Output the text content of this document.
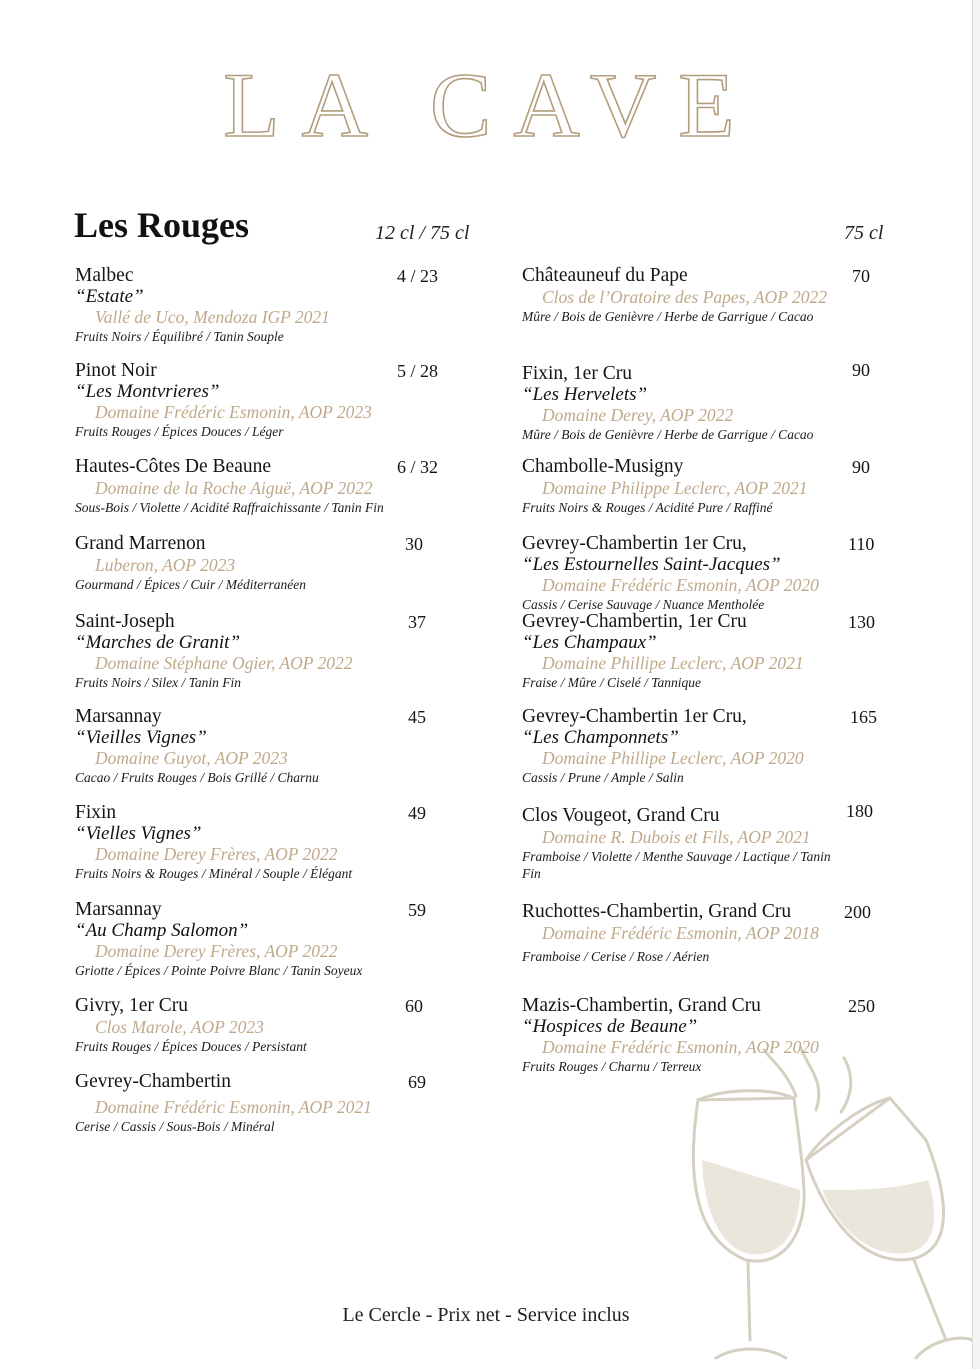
LA CAVE
Les Rouges	12 cl / 75 cl	75 cl
Malbec
“Estate”
Vallé de Uco, Mendoza IGP 2021
Fruits Noirs / Équilibré / Tanin Souple
4 / 23
Pinot Noir
“Les Montvrieres”
Domaine Frédéric Esmonin, AOP 2023
Fruits Rouges / Épices Douces / Léger
5 / 28
Hautes-Côtes De Beaune
Domaine de la Roche Aiguë, AOP 2022
Sous-Bois / Violette / Acidité Raffraichissante / Tanin Fin
6 / 32
Grand Marrenon
Luberon, AOP 2023
Gourmand / Épices / Cuir / Méditerranéen
30
Saint-Joseph
“Marches de Granit”
Domaine Stéphane Ogier, AOP 2022
Fruits Noirs / Silex / Tanin Fin
37
Marsannay
“Vieilles Vignes”
Domaine Guyot, AOP 2023
Cacao / Fruits Rouges / Bois Grillé / Charnu
45
Fixin
“Vielles Vignes”
Domaine Derey Frères, AOP 2022
Fruits Noirs & Rouges / Minéral / Souple / Élégant
49
Marsannay
“Au Champ Salomon”
Domaine Derey Frères, AOP 2022
Griotte / Épices / Pointe Poivre Blanc / Tanin Soyeux
59
Givry, 1er Cru
Clos Marole, AOP 2023
Fruits Rouges / Épices Douces / Persistant
60
Gevrey-Chambertin
Domaine Frédéric Esmonin, AOP 2021
Cerise / Cassis / Sous-Bois / Minéral
69
Châteauneuf du Pape
Clos de l’Oratoire des Papes, AOP 2022
Mûre / Bois de Genièvre / Herbe de Garrigue / Cacao
70
Fixin, 1er Cru
“Les Hervelets”
Domaine Derey, AOP 2022
Mûre / Bois de Genièvre / Herbe de Garrigue / Cacao
90
Chambolle-Musigny
Domaine Philippe Leclerc, AOP 2021
Fruits Noirs & Rouges / Acidité Pure / Raffiné
90
Gevrey-Chambertin 1er Cru,
“Les Estournelles Saint-Jacques”
Domaine Frédéric Esmonin, AOP 2020
Cassis / Cerise Sauvage / Nuance Mentholée
110
Gevrey-Chambertin, 1er Cru
“Les Champaux”
Domaine Phillipe Leclerc, AOP 2021
Fraise / Mûre / Ciselé / Tannique
130
Gevrey-Chambertin 1er Cru,
“Les Champonnets”
Domaine Phillipe Leclerc, AOP 2020
Cassis / Prune / Ample / Salin
165
Clos Vougeot, Grand Cru
Domaine R. Dubois et Fils, AOP 2021
Framboise / Violette / Menthe Sauvage / Lactique / Tanin Fin
180
Ruchottes-Chambertin, Grand Cru
Domaine Frédéric Esmonin, AOP 2018
Framboise / Cerise / Rose / Aérien
200
Mazis-Chambertin, Grand Cru
“Hospices de Beaune”
Domaine Frédéric Esmonin, AOP 2020
Fruits Rouges / Charnu / Terreux
250
Le Cercle - Prix net - Service inclus
